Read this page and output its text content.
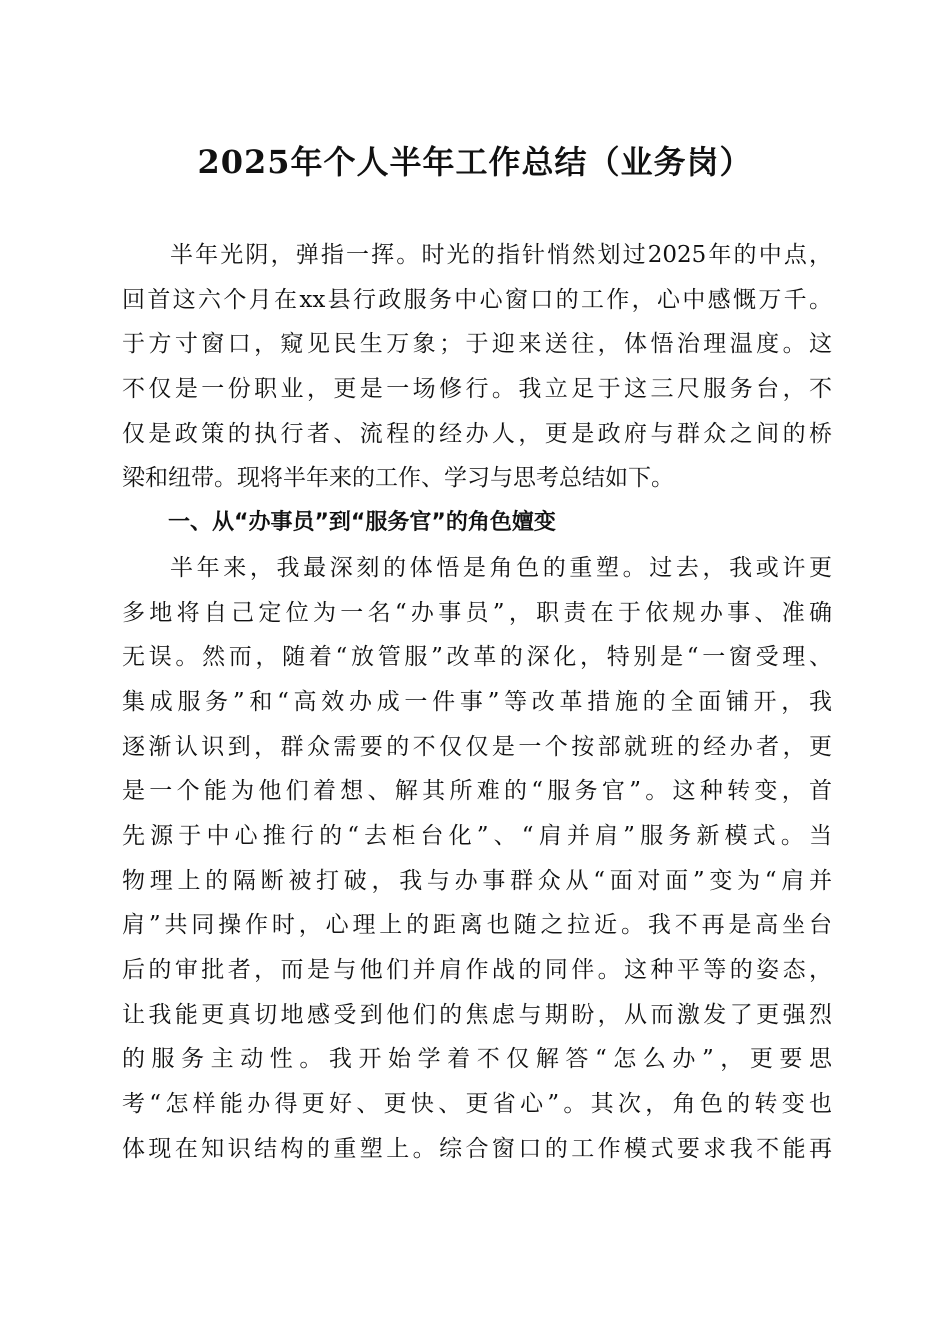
2025年个人半年工作总结（业务岗）
半年光阴，弹指一挥。时光的指针悄然划过2025年的中点，
回首这六个月在xx县行政服务中心窗口的工作，心中感慨万千。
于方寸窗口，窥见民生万象；于迎来送往，体悟治理温度。这
不仅是一份职业，更是一场修行。我立足于这三尺服务台，不
仅是政策的执行者、流程的经办人，更是政府与群众之间的桥
梁和纽带。现将半年来的工作、学习与思考总结如下。
一、从“办事员”到“服务官”的角色嬗变
半年来，我最深刻的体悟是角色的重塑。过去，我或许更
多地将自己定位为一名“办事员”，职责在于依规办事、准确
无误。然而，随着“放管服”改革的深化，特别是“一窗受理、
集成服务”和“高效办成一件事”等改革措施的全面铺开，我
逐渐认识到，群众需要的不仅仅是一个按部就班的经办者，更
是一个能为他们着想、解其所难的“服务官”。这种转变，首
先源于中心推行的“去柜台化”、“肩并肩”服务新模式。当
物理上的隔断被打破，我与办事群众从“面对面”变为“肩并
肩”共同操作时，心理上的距离也随之拉近。我不再是高坐台
后的审批者，而是与他们并肩作战的同伴。这种平等的姿态，
让我能更真切地感受到他们的焦虑与期盼，从而激发了更强烈
的服务主动性。我开始学着不仅解答“怎么办”，更要思
考“怎样能办得更好、更快、更省心”。其次，角色的转变也
体现在知识结构的重塑上。综合窗口的工作模式要求我不能再
